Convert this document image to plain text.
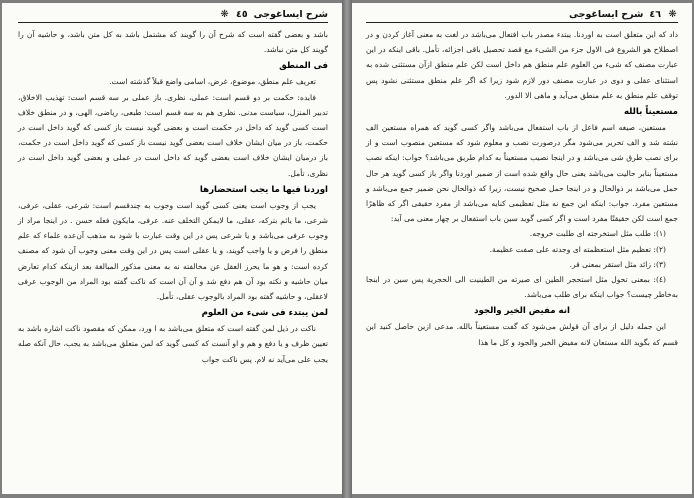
شرح ایساغوجی
٤٥
❋

باشد و بعضی گفته است که شرح آن را گویند که مشتمل باشد به کل متن باشد، و حاشیه آن را گویند کل متن نباشد.

فی المنطق

تعریف علم منطق، موضوع، غرض، اسامی واضع قبلاً گذشته است.

فایده: حکمت بر دو قسم است: عملی، نظری. باز عملی بر سه قسم است: تهذیب الاخلاق، تدبیر المنزل، سیاست مدنی. نظری هم به سه قسم است: طبعی، ریاضی، الهی، و در منطق خلاف است کسی گوید که داخل در حکمت است و بعضی گوید نیست باز کسی که گوید داخل است در حکمت، باز در میان ایشان خلاف است بعضی گوید نیست باز کسی که گوید داخل است در حکمت، باز درمیان ایشان خلاف است بعضی گوید که داخل است در عملی و بعضی گوید داخل است در نظری، تأمل.

اوردنا فیها ما یجب استحضارها

یجب از وجوب است یعنی کسی گوید است وجوب به چندقسم است: شرعی، عقلی، عرفی، شرعی، ما یاثم بترکه، عقلی، ما لایمکن التخلف عنه. عرفی، مایکون فعله حسن . در اینجا مراد از وجوب عرفی می‌باشد و یا شرعی پس در این وقت عبارت با شود به مذهب آن‌عده علماء که علم منطق را فرض و یا واجب گویند، و یا عقلی است پس در این وقت معنی وجوب آن شود که مصنف کرده است: و هو ما یحرز العقل عن مخالفته نه به معنی مذکور المبالغة بعد ازینکه کدام تعارض میان حاشیه و نکته بود آن هم دفع شد و آن آن است که ناکت گفته بود المراد من الوجوب عرفی لاعقلی، و حاشیه گفته بود المراد بالوجوب عقلی، تأمل.

لمن یبتدء فی شیء من العلوم

ناکت در ذیل لمن گفته است که متعلق می‌باشد به ا ورد، ممکن که مقصود ناکت اشاره باشد به تعیین ظرف و یا دفع و هم و او آنست که کسی گوید که لمن متعلق می‌باشد به یجب، حال آنکه صله یجب علی می‌آید نه لام. پس ناکت جواب

❋
٤٦
شرح ایساغوجی

داد که این متعلق است به اوردنا. یبتدء مصدر باب افتعال می‌باشد در لغت به معنی آغاز کردن و در اصطلاح هو الشروع فی الاول جزء من الشیء مع قصد تحصیل باقی اجزائه، تأمل. باقی اینکه در این عبارت مصنف که شیء من العلوم علم منطق هم داخل است لکن علم منطق ازآن مستثنی شده به استثنای عقلی و دوی در عبارت مصنف دور لازم شود زیرا که اگر علم منطق مستثنی نشود پس توقف علم منطق به علم منطق می‌آید و ماهی الا الدور.

مستعیناً بالله

مستعین، صیغه اسم فاعل از باب استفعال می‌باشد واگر کسی گوید که همراه مستعین الف نشته شد و الف تحریر می‌شود مگر درصورت نصب و معلوم شود که مستعین منصوب است و از برای نصب طرق شی می‌باشد و در اینجا نصیب مستعیناً به کدام طریق می‌باشد؟ جواب: اینکه نصب مستعیناً بنابر حالیت می‌باشد یعنی حال واقع شده است از ضمیر اوردنا واگر باز کسی گوید هر حال حمل می‌باشد بر ذوالحال و در اینجا حمل صحیح نیست، زیرا که ذوالحال نحن ضمیر جمع می‌باشد و مستعین مفرد. جواب: اینکه این جمع نه مثل تعظیمی کنایه می‌باشد از مفرد حقیقی اگر که ظاهرًا جمع است لکن حقیقتًا مفرد است و اگر کسی گوید سین باب استفعال بر چهار معنی می آید:

(۱): طلب مثل استخرجته ای طلبت خروجه.

(۲): تعظیم مثل استعظمته ای وجدته علی صفت عظیمة.

(۳): زائد مثل استقر بمعنی قر.

(٤): بمعنی تحول مثل استحجر الطین ای صیرته من الطینیت الی الحجریة پس سین در اینجا به‌خاطر چیست؟ جواب اینکه برای طلب می‌باشد.

انه مفیض الخیر والجود

این جمله دلیل از برای آن قولش می‌شود که گفت مستعیناً بالله. مدعی ازین حاصل کنید این قسم که بگوید الله مستعان لانه مفیض الخیر والجود و کل ما هذا
